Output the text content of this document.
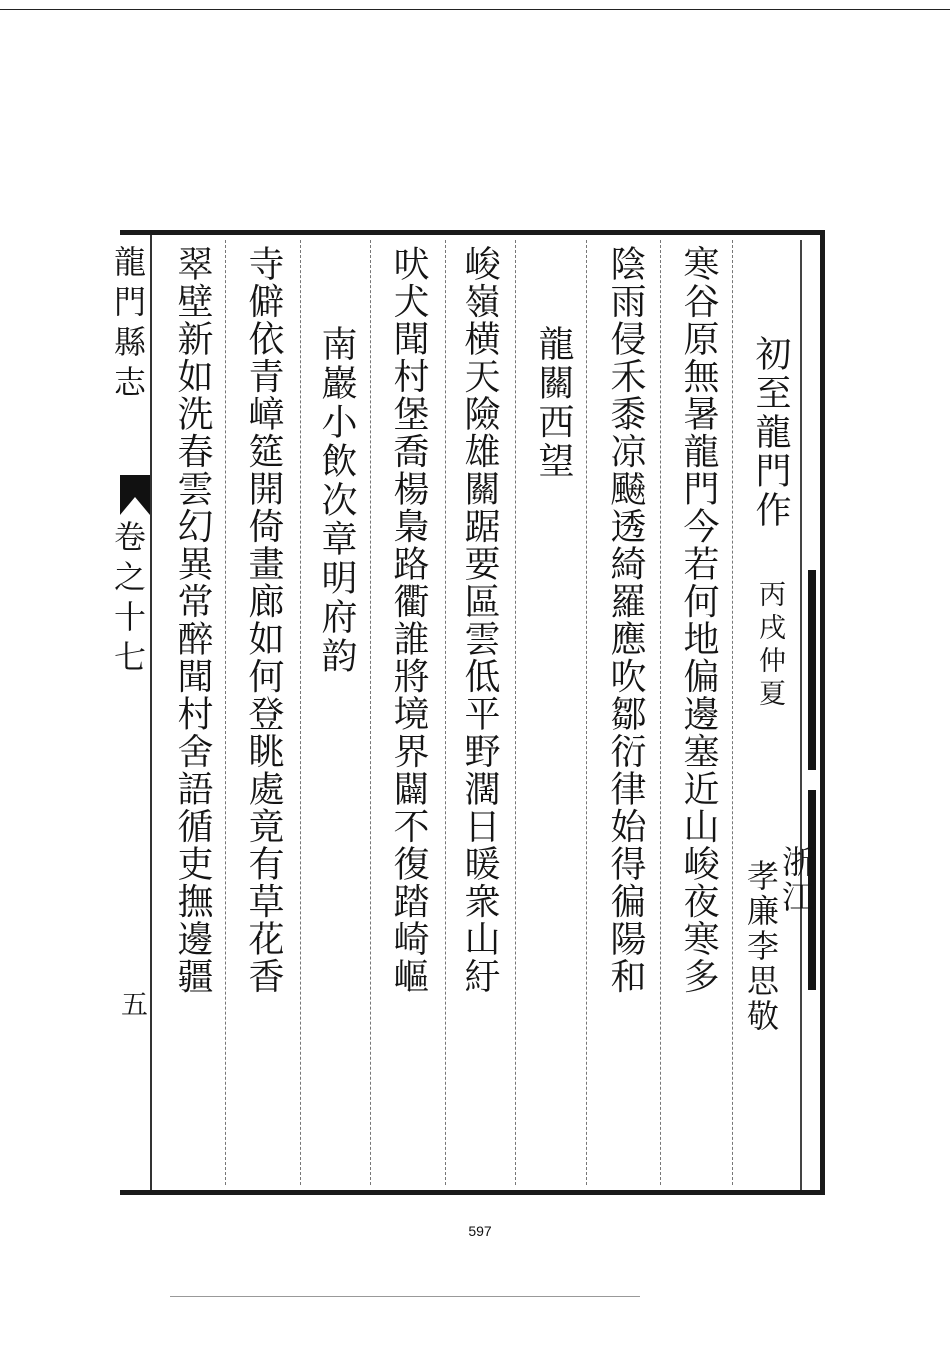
龍門縣志
卷之十七
五
初至龍門作
丙戌仲夏
浙江
孝廉李思敬
寒谷原無暑龍門今若何地偏邊塞近山峻夜寒多
陰雨侵禾黍凉飇透綺羅應吹鄒衍律始得徧陽和
龍關西望
峻嶺横天險雄關踞要區雲低平野濶日暖衆山紆
吠犬聞村堡喬楊梟路衢誰將境界闢不復踏崎嶇
南巖小飲次章明府韵
寺僻依青嶂筵開倚畫廊如何登眺處竟有草花香
翠壁新如洗春雲幻異常醉聞村舍語循吏撫邊疆
597
